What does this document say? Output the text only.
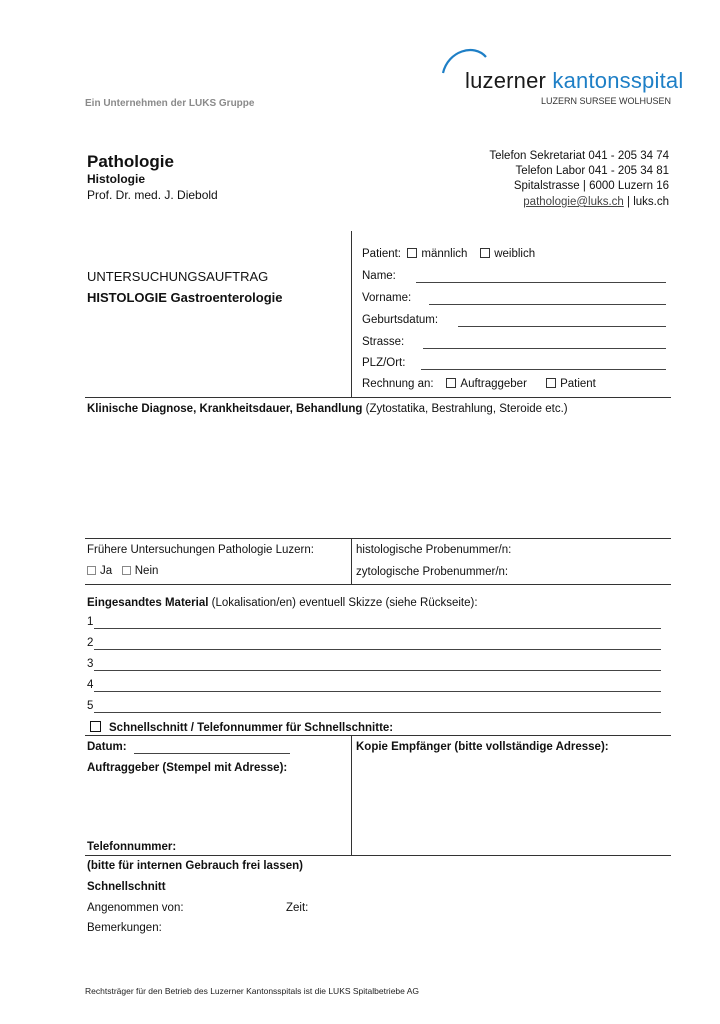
luzerner kantonsspital
LUZERN SURSEE WOLHUSEN
Ein Unternehmen der LUKS Gruppe
Pathologie
Histologie
Prof. Dr. med. J. Diebold
Telefon Sekretariat 041 - 205 34 74
Telefon Labor 041 - 205 34 81
Spitalstrasse | 6000 Luzern 16
pathologie@luks.ch | luks.ch
UNTERSUCHUNGSAUFTRAG
HISTOLOGIE Gastroenterologie
Patient: männlich weiblich
Name:
Vorname:
Geburtsdatum:
Strasse:
PLZ/Ort:
Rechnung an: Auftraggeber	Patient
Klinische Diagnose, Krankheitsdauer, Behandlung (Zytostatika, Bestrahlung, Steroide etc.)
Frühere Untersuchungen Pathologie Luzern:
Ja Nein
histologische Probenummer/n:
zytologische Probenummer/n:
Eingesandtes Material (Lokalisation/en) eventuell Skizze (siehe Rückseite):
1
2
3
4
5
Schnellschnitt / Telefonnummer für Schnellschnitte:
Datum:
Auftraggeber (Stempel mit Adresse):
Kopie Empfänger (bitte vollständige Adresse):
Telefonnummer:
(bitte für internen Gebrauch frei lassen)
Schnellschnitt
Angenommen von:	Zeit:
Bemerkungen:
Rechtsträger für den Betrieb des Luzerner Kantonsspitals ist die LUKS Spitalbetriebe AG
